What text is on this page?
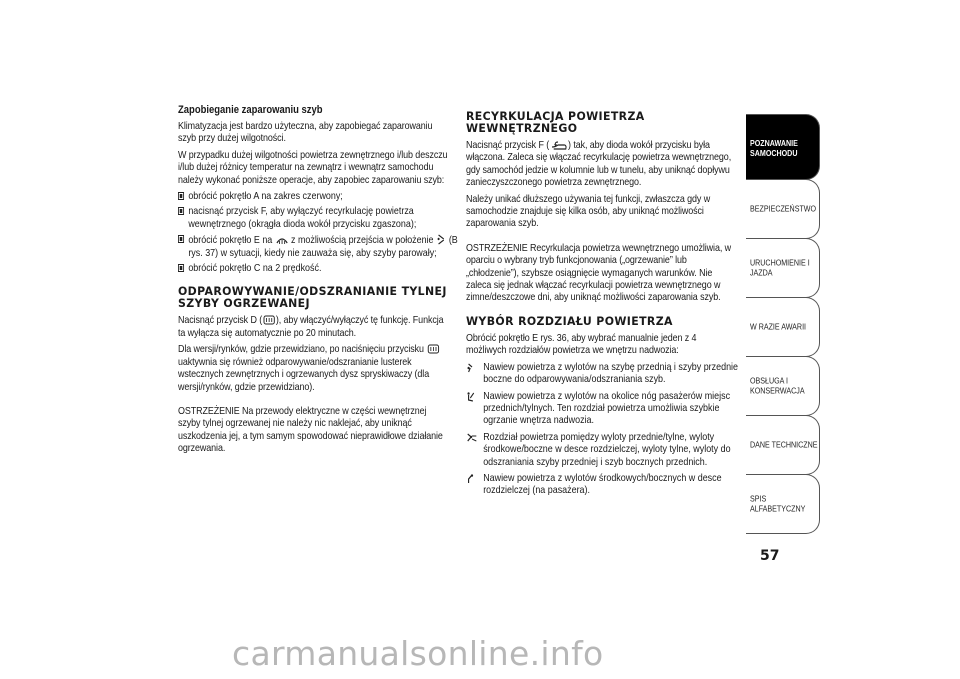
Zapobieganie zaparowaniu szyb

Klimatyzacja jest bardzo użyteczna, aby zapobiegać zaparowaniu szyb przy dużej wilgotności.

W przypadku dużej wilgotności powietrza zewnętrznego i/lub deszczu i/lub dużej różnicy temperatur na zewnątrz i wewnątrz samochodu należy wykonać poniższe operacje, aby zapobiec zaparowaniu szyb:

obrócić pokrętło A na zakres czerwony;
nacisnąć przycisk F, aby wyłączyć recyrkulację powietrza wewnętrznego (okrągła dioda wokół przycisku zgaszona);
obrócić pokrętło E na  z możliwością przejścia w położenie  (B rys. 37) w sytuacji, kiedy nie zauważa się, aby szyby parowały;
obrócić pokrętło C na 2 prędkość.
ODPAROWYWANIE/ODSZRANIANIE TYLNEJ SZYBY OGRZEWANEJ

Nacisnąć przycisk D ( ), aby włączyć/wyłączyć tę funkcję. Funkcja ta wyłącza się automatycznie po 20 minutach.

Dla wersji/rynków, gdzie przewidziano, po naciśnięciu przycisku  uaktywnia się również odparowywanie/odszranianie lusterek wstecznych zewnętrznych i ogrzewanych dysz spryskiwaczy (dla wersji/rynków, gdzie przewidziano).

OSTRZEŻENIE Na przewody elektryczne w części wewnętrznej szyby tylnej ogrzewanej nie należy nic naklejać, aby uniknąć uszkodzenia jej, a tym samym spowodować nieprawidłowe działanie ogrzewania.

RECYRKULACJA POWIETRZA WEWNĘTRZNEGO

Nacisnąć przycisk F ( ) tak, aby dioda wokół przycisku była włączona. Zaleca się włączać recyrkulację powietrza wewnętrznego, gdy samochód jedzie w kolumnie lub w tunelu, aby uniknąć dopływu zanieczyszczonego powietrza zewnętrznego.

Należy unikać dłuższego używania tej funkcji, zwłaszcza gdy w samochodzie znajduje się kilka osób, aby uniknąć możliwości zaparowania szyb.

OSTRZEŻENIE Recyrkulacja powietrza wewnętrznego umożliwia, w oparciu o wybrany tryb funkcjonowania („ogrzewanie” lub „chłodzenie”), szybsze osiągnięcie wymaganych warunków. Nie zaleca się jednak włączać recyrkulacji powietrza wewnętrznego w zimne/deszczowe dni, aby uniknąć możliwości zaparowania szyb.

WYBÓR ROZDZIAŁU POWIETRZA

Obrócić pokrętło E rys. 36, aby wybrać manualnie jeden z 4 możliwych rozdziałów powietrza we wnętrzu nadwozia:

Nawiew powietrza z wylotów na szybę przednią i szyby przednie boczne do odparowywania/odszraniania szyb.
Nawiew powietrza z wylotów na okolice nóg pasażerów miejsc przednich/tylnych. Ten rozdział powietrza umożliwia szybkie ogrzanie wnętrza nadwozia.
Rozdział powietrza pomiędzy wyloty przednie/tylne, wyloty środkowe/boczne w desce rozdzielczej, wyloty tylne, wyloty do odszraniania szyby przedniej i szyb bocznych przednich.
Nawiew powietrza z wylotów środkowych/bocznych w desce rozdzielczej (na pasażera).
POZNAWANIE SAMOCHODU
BEZPIECZEŃSTWO
URUCHOMIENIE I JAZDA
W RAZIE AWARII
OBSŁUGA I KONSERWACJA
DANE TECHNICZNE
SPIS ALFABETYCZNY
57
carmanualsonline.info
